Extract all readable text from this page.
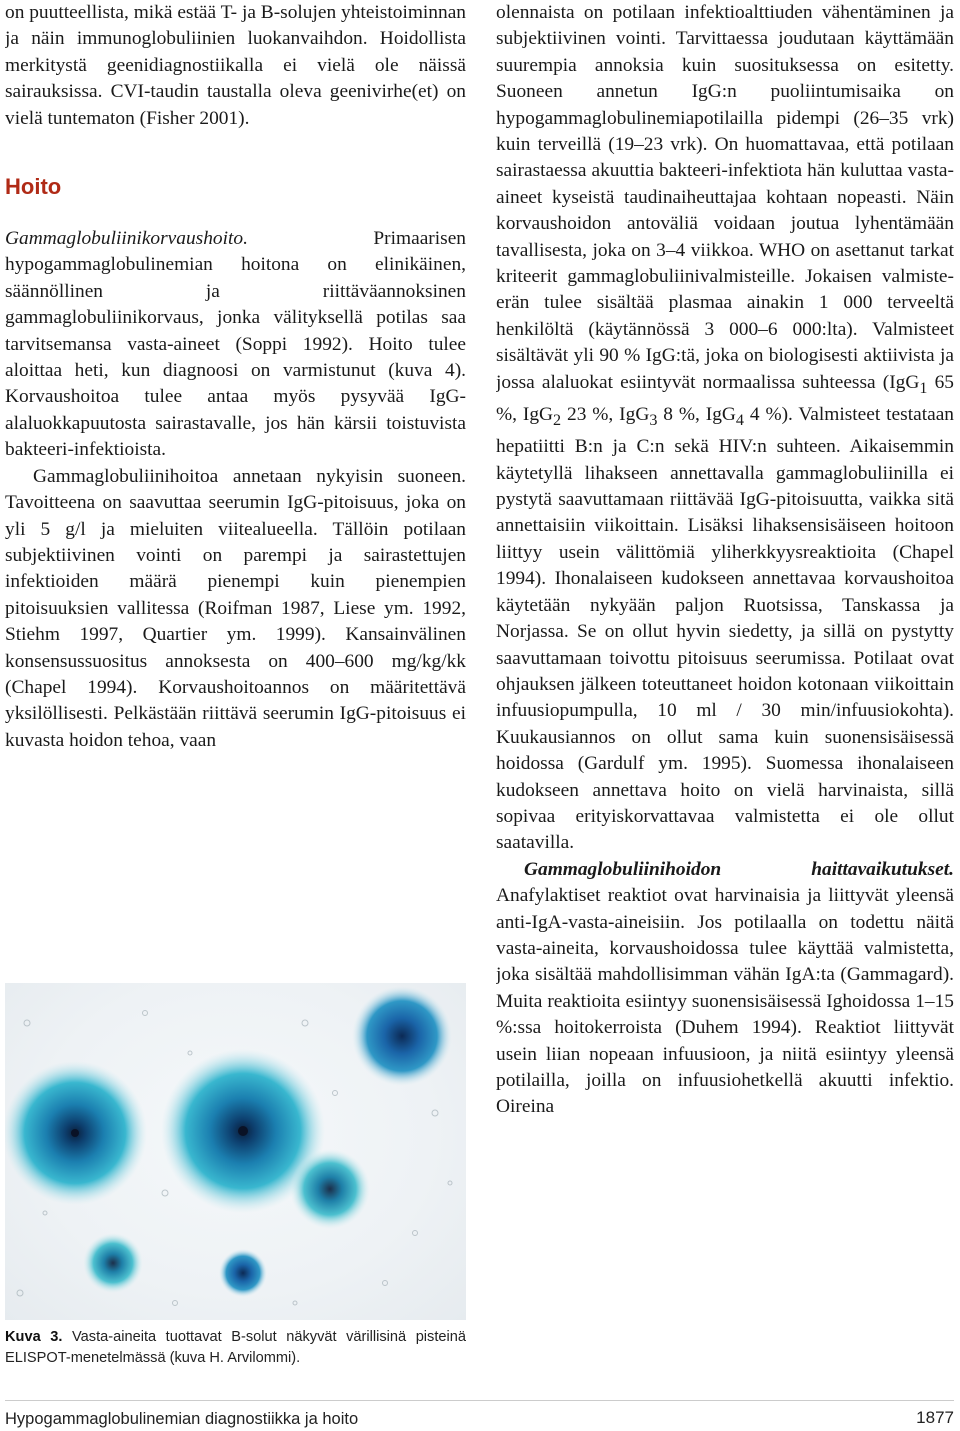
on puutteellista, mikä estää T- ja B-solujen yhteistoiminnan ja näin immunoglobuliinien luokanvaihdon. Hoidollista merkitystä geenidiagnostiikalla ei vielä ole näissä sairauksissa. CVI-taudin taustalla oleva geenivirhe(et) on vielä tuntematon (Fisher 2001).

Hoito

Gammaglobuliinikorvaushoito. Primaarisen hypogammaglobulinemian hoitona on elinikäinen, säännöllinen ja riittäväannoksinen gammaglobuliinikorvaus, jonka välityksellä potilas saa tarvitsemansa vasta-aineet (Soppi 1992). Hoito tulee aloittaa heti, kun diagnoosi on varmistunut (kuva 4). Korvaushoitoa tulee antaa myös pysyvää IgG-alaluokkapuutosta sairastavalle, jos hän kärsii toistuvista bakteeri-infektioista.

Gammaglobuliinihoitoa annetaan nykyisin suoneen. Tavoitteena on saavuttaa seerumin IgG-pitoisuus, joka on yli 5 g/l ja mieluiten viitealueella. Tällöin potilaan subjektiivinen vointi on parempi ja sairastettujen infektioiden määrä pienempi kuin pienempien pitoisuuksien vallitessa (Roifman 1987, Liese ym. 1992, Stiehm 1997, Quartier ym. 1999). Kansainvälinen konsensussuositus annoksesta on 400–600 mg/kg/kk (Chapel 1994). Korvaushoitoannos on määritettävä yksilöllisesti. Pelkästään riittävä seerumin IgG-pitoisuus ei kuvasta hoidon tehoa, vaan

Kuva 3. Vasta-aineita tuottavat B-solut näkyvät värillisinä pisteinä ELISPOT-menetelmässä (kuva H. Arvilommi).

olennaista on potilaan infektioalttiuden vähentäminen ja subjektiivinen vointi. Tarvittaessa joudutaan käyttämään suurempia annoksia kuin suosituksessa on esitetty. Suoneen annetun IgG:n puoliintumisaika on hypogammaglobulinemiapotilailla pidempi (26–35 vrk) kuin terveillä (19–23 vrk). On huomattavaa, että potilaan sairastaessa akuuttia bakteeri-infektiota hän kuluttaa vasta-aineet kyseistä taudinaiheuttajaa kohtaan nopeasti. Näin korvaushoidon antoväliä voidaan joutua lyhentämään tavallisesta, joka on 3–4 viikkoa. WHO on asettanut tarkat kriteerit gammaglobuliinivalmisteille. Jokaisen valmiste-erän tulee sisältää plasmaa ainakin 1 000 terveeltä henkilöltä (käytännössä 3 000–6 000:lta). Valmisteet sisältävät yli 90 % IgG:tä, joka on biologisesti aktiivista ja jossa alaluokat esiintyvät normaalissa suhteessa (IgG$_1$ 65 %, IgG$_2$ 23 %, IgG$_3$ 8 %, IgG$_4$ 4 %). Valmisteet testataan hepatiitti B:n ja C:n sekä HIV:n suhteen. Aikaisemmin käytetyllä lihakseen annettavalla gammaglobuliinilla ei pystytä saavuttamaan riittävää IgG-pitoisuutta, vaikka sitä annettaisiin viikoittain. Lisäksi lihaksensisäiseen hoitoon liittyy usein välittömiä yliherkkyysreaktioita (Chapel 1994). Ihonalaiseen kudokseen annettavaa korvaushoitoa käytetään nykyään paljon Ruotsissa, Tanskassa ja Norjassa. Se on ollut hyvin siedetty, ja sillä on pystytty saavuttamaan toivottu pitoisuus seerumissa. Potilaat ovat ohjauksen jälkeen toteuttaneet hoidon kotonaan viikoittain infuusiopumpulla, 10 ml / 30 min/infuusiokohta). Kuukausiannos on ollut sama kuin suonensisäisessä hoidossa (Gardulf ym. 1995). Suomessa ihonalaiseen kudokseen annettava hoito on vielä harvinaista, sillä sopivaa erityiskorvattavaa valmistetta ei ole ollut saatavilla.

Gammaglobuliinihoidon haittavaikutukset. Anafylaktiset reaktiot ovat harvinaisia ja liittyvät yleensä anti-IgA-vasta-aineisiin. Jos potilaalla on todettu näitä vasta-aineita, korvaushoidossa tulee käyttää valmistetta, joka sisältää mahdollisimman vähän IgA:ta (Gammagard). Muita reaktioita esiintyy suonensisäisessä Ighoidossa 1–15 %:ssa hoitokerroista (Duhem 1994). Reaktiot liittyvät usein liian nopeaan infuusioon, ja niitä esiintyy yleensä potilailla, joilla on infuusiohetkellä akuutti infektio. Oireina

Hypogammaglobulinemian diagnostiikka ja hoito	1877
